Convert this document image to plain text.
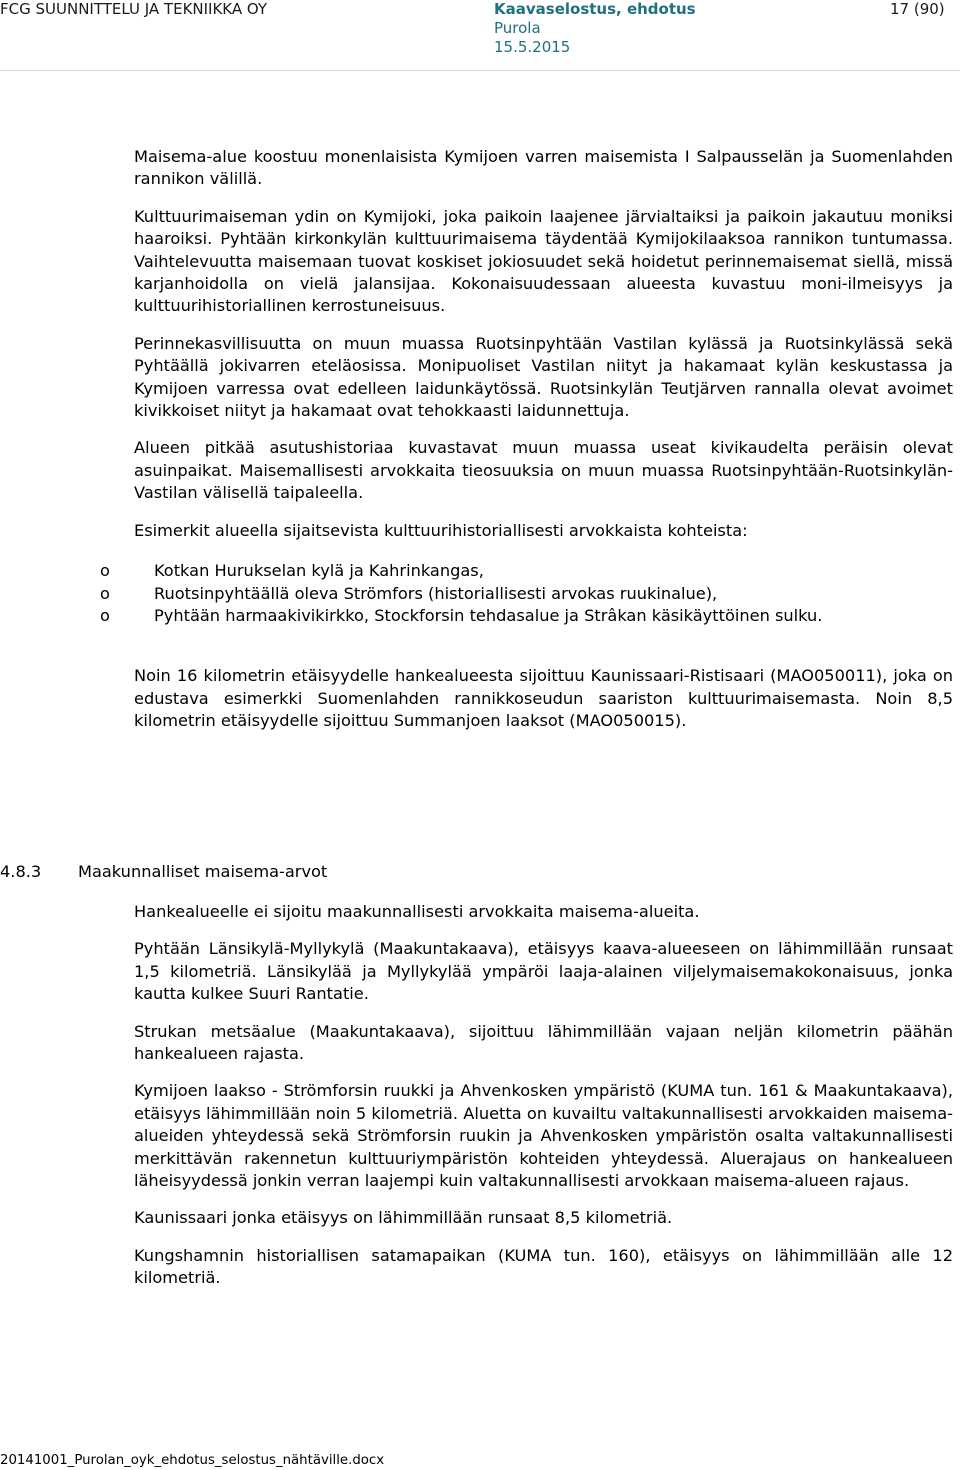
FCG SUUNNITTELU JA TEKNIIKKA OY	Kaavaselostus, ehdotus
Purola
15.5.2015
17 (90)

Maisema-alue koostuu monenlaisista Kymijoen varren maisemista I Salpausselän ja Suomenlahden rannikon välillä.

Kulttuurimaiseman ydin on Kymijoki, joka paikoin laajenee järvialtaiksi ja paikoin jakautuu moniksi haaroiksi. Pyhtään kirkonkylän kulttuurimaisema täydentää Kymijokilaaksoa rannikon tuntumassa. Vaihtelevuutta maisemaan tuovat koskiset jokiosuudet sekä hoidetut perinnemaisemat siellä, missä karjanhoidolla on vielä jalansijaa. Kokonaisuudessaan alueesta kuvastuu moni-ilmeisyys ja kulttuurihistoriallinen kerrostuneisuus.

Perinnekasvillisuutta on muun muassa Ruotsinpyhtään Vastilan kylässä ja Ruotsinkylässä sekä Pyhtäällä jokivarren eteläosissa. Monipuoliset Vastilan niityt ja hakamaat kylän keskustassa ja Kymijoen varressa ovat edelleen laidunkäytössä. Ruotsinkylän Teutjärven rannalla olevat avoimet kivikkoiset niityt ja hakamaat ovat tehokkaasti laidunnettuja.

Alueen pitkää asutushistoriaa kuvastavat muun muassa useat kivikaudelta peräisin olevat asuinpaikat. Maisemallisesti arvokkaita tieosuuksia on muun muassa Ruotsinpyhtään-Ruotsinkylän-Vastilan välisellä taipaleella.

Esimerkit alueella sijaitsevista kulttuurihistoriallisesti arvokkaista kohteista:

o	Kotkan Hurukselan kylä ja Kahrinkangas,
o	Ruotsinpyhtäällä oleva Strömfors (historiallisesti arvokas ruukinalue),
o	Pyhtään harmaakivikirkko, Stockforsin tehdasalue ja Strâkan käsikäyttöinen sulku.

Noin 16 kilometrin etäisyydelle hankealueesta sijoittuu Kaunissaari-Ristisaari (MAO050011), joka on edustava esimerkki Suomenlahden rannikkoseudun saariston kulttuurimaisemasta. Noin 8,5 kilometrin etäisyydelle sijoittuu Summanjoen laaksot (MAO050015).

4.8.3 Maakunnalliset maisema-arvot

Hankealueelle ei sijoitu maakunnallisesti arvokkaita maisema-alueita.

Pyhtään Länsikylä-Myllykylä (Maakuntakaava), etäisyys kaava-alueeseen on lähimmillään runsaat 1,5 kilometriä. Länsikylää ja Myllykylää ympäröi laaja-alainen viljelymaisemakokonaisuus, jonka kautta kulkee Suuri Rantatie.

Strukan metsäalue (Maakuntakaava), sijoittuu lähimmillään vajaan neljän kilometrin päähän hankealueen rajasta.

Kymijoen laakso - Strömforsin ruukki ja Ahvenkosken ympäristö (KUMA tun. 161 & Maakuntakaava), etäisyys lähimmillään noin 5 kilometriä. Aluetta on kuvailtu valtakunnallisesti arvokkaiden maisema-alueiden yhteydessä sekä Strömforsin ruukin ja Ahvenkosken ympäristön osalta valtakunnallisesti merkittävän rakennetun kulttuuriympäristön kohteiden yhteydessä. Aluerajaus on hankealueen läheisyydessä jonkin verran laajempi kuin valtakunnallisesti arvokkaan maisema-alueen rajaus.

Kaunissaari jonka etäisyys on lähimmillään runsaat 8,5 kilometriä.

Kungshamnin historiallisen satamapaikan (KUMA tun. 160), etäisyys on lähimmillään alle 12 kilometriä.

20141001_Purolan_oyk_ehdotus_selostus_nähtäville.docx
